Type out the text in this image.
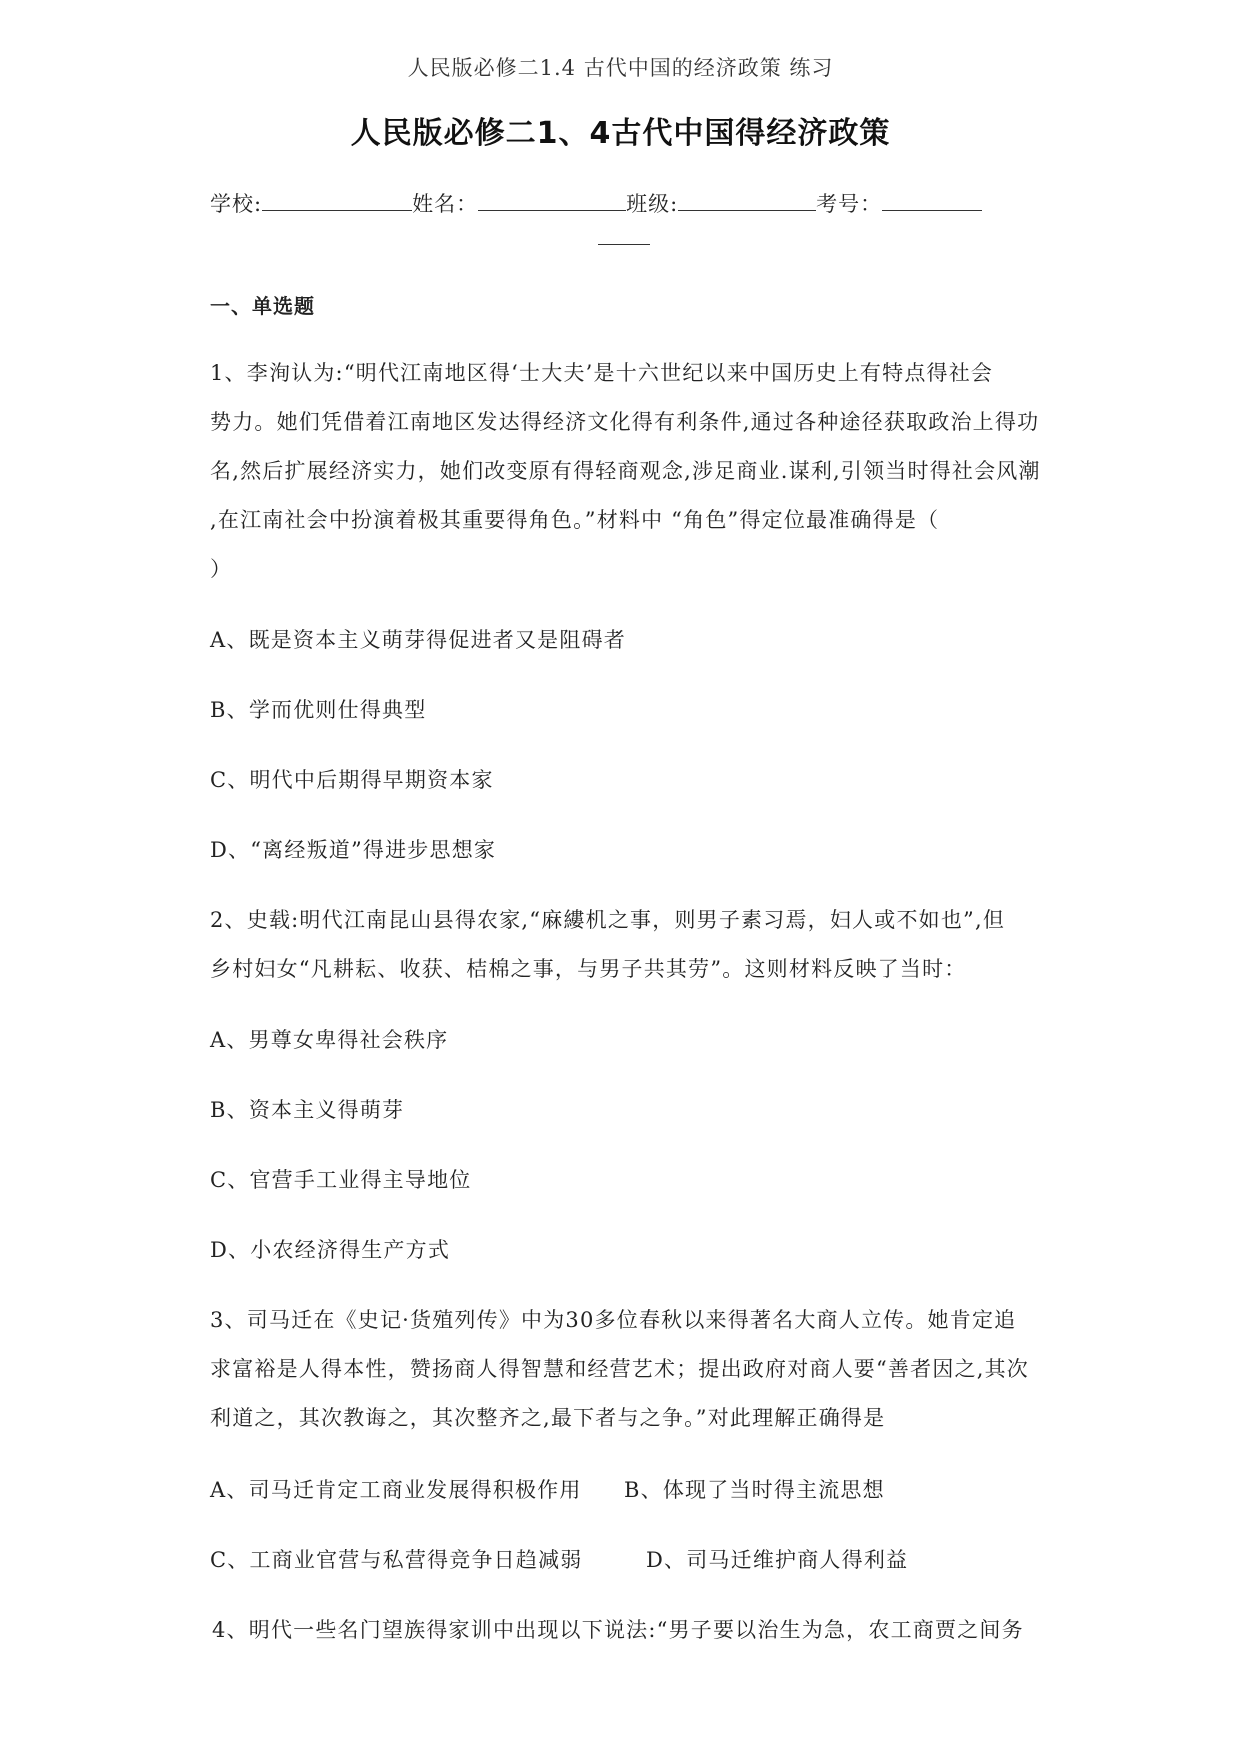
人民版必修二1.4 古代中国的经济政策 练习
人民版必修二1、4古代中国得经济政策
学校:	姓名：	班级:	考号：
一、单选题
1、李洵认为:“明代江南地区得‘士大夫’是十六世纪以来中国历史上有特点得社会
势力。她们凭借着江南地区发达得经济文化得有利条件,通过各种途径获取政治上得功
名,然后扩展经济实力，她们改变原有得轻商观念,涉足商业.谋利,引领当时得社会风潮
,在江南社会中扮演着极其重要得角色。”材料中 “角色”得定位最准确得是（
）
A、既是资本主义萌芽得促进者又是阻碍者
B、学而优则仕得典型
C、明代中后期得早期资本家
D、“离经叛道”得进步思想家
2、史载:明代江南昆山县得农家,“麻縷机之事，则男子素习焉，妇人或不如也”,但
乡村妇女“凡耕耘、收获、桔棉之事，与男子共其劳”。这则材料反映了当时：
A、男尊女卑得社会秩序
B、资本主义得萌芽
C、官营手工业得主导地位
D、小农经济得生产方式
3、司马迁在《史记·货殖列传》中为30多位春秋以来得著名大商人立传。她肯定追
求富裕是人得本性，赞扬商人得智慧和经营艺术；提出政府对商人要“善者因之,其次
利道之，其次教诲之，其次整齐之,最下者与之争。”对此理解正确得是
A、司马迁肯定工商业发展得积极作用 B、体现了当时得主流思想
C、工商业官营与私营得竞争日趋减弱	D、司马迁维护商人得利益
4、明代一些名门望族得家训中出现以下说法:“男子要以治生为急，农工商贾之间务
